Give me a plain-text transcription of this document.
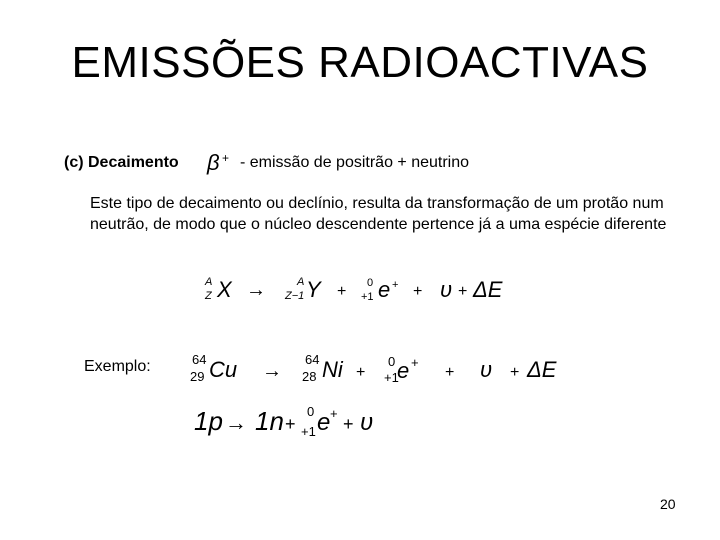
EMISSÕES RADIOACTIVAS
(c) Decaimento β +
A
Z X →	A
Z−1 Y + 0
+1 e + + υ + ΔE
64
29 Cu →
64
28 Ni +
0
+1
e +
+ υ + ΔE
1p → 1n +
0
+1 e +
+ υ
- emissão de positrão + neutrino
Este tipo de decaimento ou declínio, resulta da transformação de um protão num neutrão, de modo que o núcleo descendente pertence já a uma espécie diferente
Exemplo:
20
